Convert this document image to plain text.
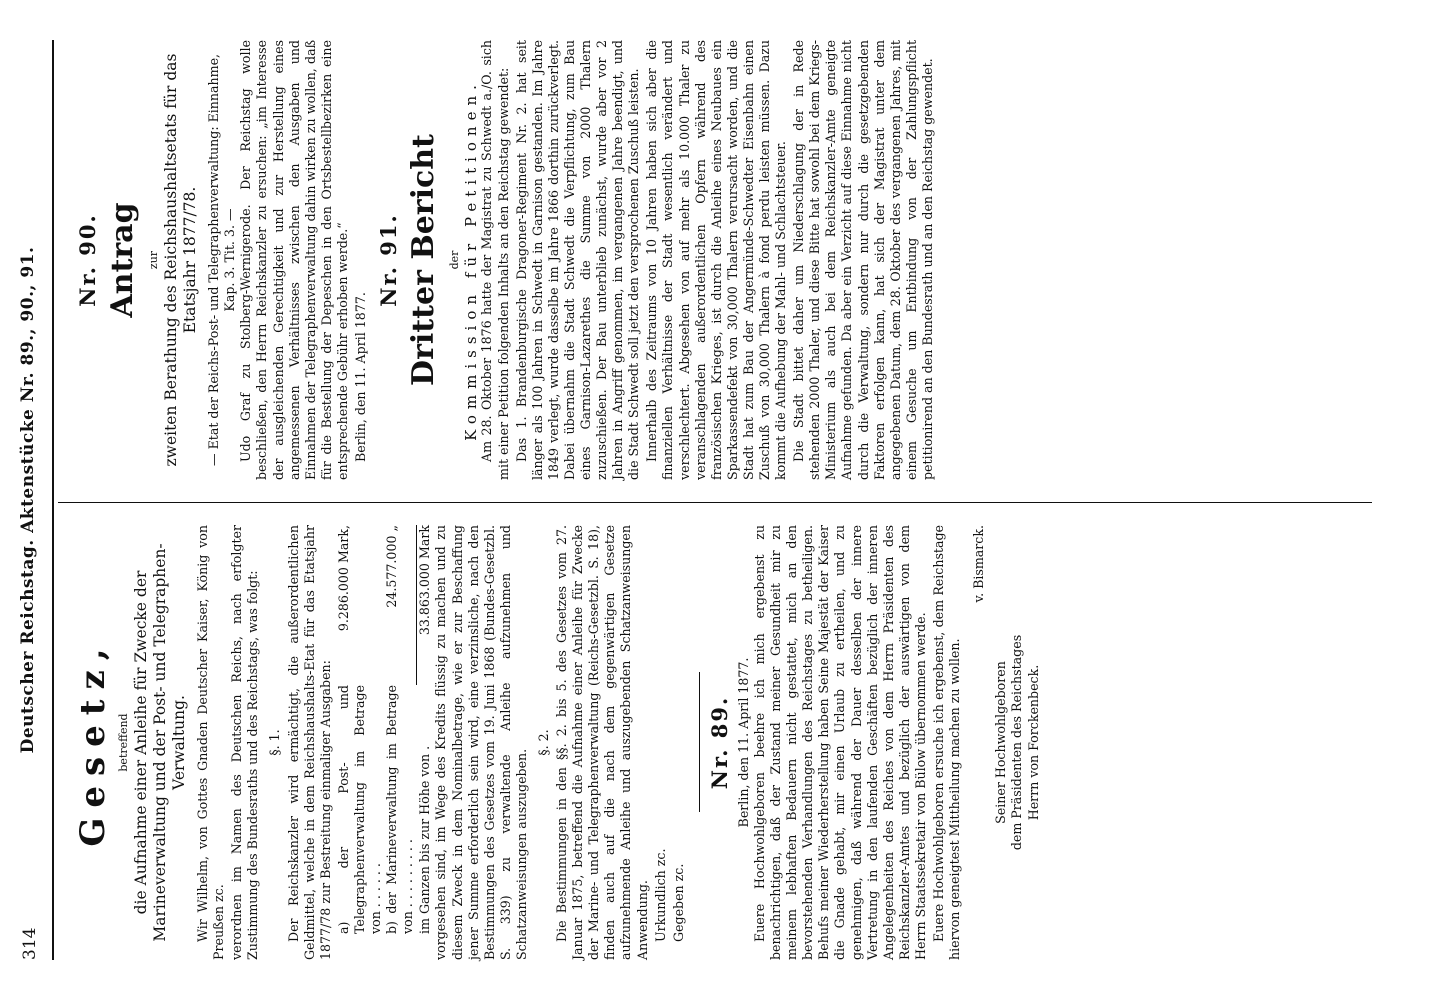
314
Deutscher Reichstag. Aktenstücke Nr. 89., 90., 91. Gesetz, betreffend die Aufnahme einer Anleihe für Zwecke der Marineverwaltung und der Post- und Telegraphen-Verwaltung. Wir Wilhelm, von Gottes Gnaden Deutscher Kaiser, König von Preußen zc. verordnen im Namen des Deutschen Reichs, nach erfolgter Zustimmung des Bundesraths und des Reichstags, was folgt: §. 1. Der Reichskanzler wird ermächtigt, die außerordentlichen Geldmittel, welche in dem Reichshaushalts-Etat für das Etatsjahr 1877/78 zur Bestreitung einmaliger Ausgaben: a) der Post- und Telegraphenverwaltung im Betrage von . . . . . .
9.286.000 Mark,
b) der Marineverwaltung im Betrage von . . . . . . . . .
24.577.000 „
im Ganzen bis zur Höhe von .
33.863.000 Mark vorgesehen sind, im Wege des Kredits flüssig zu machen und zu diesem Zweck in dem Nominalbetrage, wie er zur Beschaffung jener Summe erforderlich sein wird, eine verzinsliche, nach den Bestimmungen des Gesetzes vom 19. Juni 1868 (Bundes-Gesetzbl. S. 339) zu verwaltende Anleihe aufzunehmen und Schatzanweisungen auszugeben.

§. 2. Die Bestimmungen in den §§. 2. bis 5. des Gesetzes vom 27. Januar 1875, betreffend die Aufnahme einer Anleihe für Zwecke der Marine- und Telegraphenverwaltung (Reichs-Gesetzbl. S. 18), finden auch auf die nach dem gegenwärtigen Gesetze aufzunehmende Anleihe und auszugebenden Schatzanweisungen Anwendung. Urkundlich zc. Gegeben zc.

Nr. 89. Berlin, den 11. April 1877. Euere Hochwohlgeboren beehre ich mich ergebenst zu benachrichtigen, daß der Zustand meiner Gesundheit mir zu meinem lebhaften Bedauern nicht gestattet, mich an den bevorstehenden Verhandlungen des Reichstages zu betheiligen. Behufs meiner Wiederherstellung haben Seine Majestät der Kaiser die Gnade gehabt, mir einen Urlaub zu ertheilen, und zu genehmigen, daß während der Dauer desselben der innere Vertretung in den laufenden Geschäften bezüglich der inneren Angelegenheiten des Reiches von dem Herrn Präsidenten des Reichskanzler-Amtes und bezüglich der auswärtigen von dem Herrn Staatssekretair von Bülow übernommen werde. Euere Hochwohlgeboren ersuche ich ergebenst, dem Reichstage hiervon geneigtest Mittheilung machen zu wollen.

v. Bismarck.
Seiner Hochwohlgeboren dem Präsidenten des Reichstages Herrn von Forckenbeck.
Nr. 90. Antrag zur zweiten Berathung des Reichshaushaltsetats für das Etatsjahr 1877/78. — Etat der Reichs-Post- und Telegraphenverwaltung: Einnahme, Kap. 3. Tit. 3. — Udo Graf zu Stolberg-Wernigerode. Der Reichstag wolle beschließen, den Herrn Reichskanzler zu ersuchen: „im Interesse der ausgleichenden Gerechtigkeit und zur Herstellung eines angemessenen Verhältnisses zwischen den Ausgaben und Einnahmen der Telegraphenverwaltung dahin wirken zu wollen, daß für die Bestellung der Depeschen in den Ortsbestellbezirken eine entsprechende Gebühr erhoben werde.“ Berlin, den 11. April 1877.

Nr. 91. Dritter Bericht der Kommission für Petitionen. Am 28. Oktober 1876 hatte der Magistrat zu Schwedt a./O. sich mit einer Petition folgenden Inhalts an den Reichstag gewendet: Das 1. Brandenburgische Dragoner-Regiment Nr. 2. hat seit länger als 100 Jahren in Schwedt in Garnison gestanden. Im Jahre 1849 verlegt, wurde dasselbe im Jahre 1866 dorthin zurückverlegt. Dabei übernahm die Stadt Schwedt die Verpflichtung, zum Bau eines Garnison-Lazarethes die Summe von 2000 Thalern zuzuschießen. Der Bau unterblieb zunächst, wurde aber vor 2 Jahren in Angriff genommen, im vergangenen Jahre beendigt, und die Stadt Schwedt soll jetzt den versprochenen Zuschuß leisten. Innerhalb des Zeitraums von 10 Jahren haben sich aber die finanziellen Verhältnisse der Stadt wesentlich verändert und verschlechtert. Abgesehen von auf mehr als 10.000 Thaler zu veranschlagenden außerordentlichen Opfern während des französischen Krieges, ist durch die Anleihe eines Neubaues ein Sparkassendefekt von 30,000 Thalern verursacht worden, und die Stadt hat zum Bau der Angermünde-Schwedter Eisenbahn einen Zuschuß von 30,000 Thalern à fond perdu leisten müssen. Dazu kommt die Aufhebung der Mahl- und Schlachtsteuer. Die Stadt bittet daher um Niederschlagung der in Rede stehenden 2000 Thaler, und diese Bitte hat sowohl bei dem Kriegs-Ministerium als auch bei dem Reichskanzler-Amte geneigte Aufnahme gefunden. Da aber ein Verzicht auf diese Einnahme nicht durch die Verwaltung, sondern nur durch die gesetzgebenden Faktoren erfolgen kann, hat sich der Magistrat unter dem angegebenen Datum, dem 28. Oktober des vergangenen Jahres, mit einem Gesuche um Entbindung von der Zahlungspflicht petitionirend an den Bundesrath und an den Reichstag gewendet.
